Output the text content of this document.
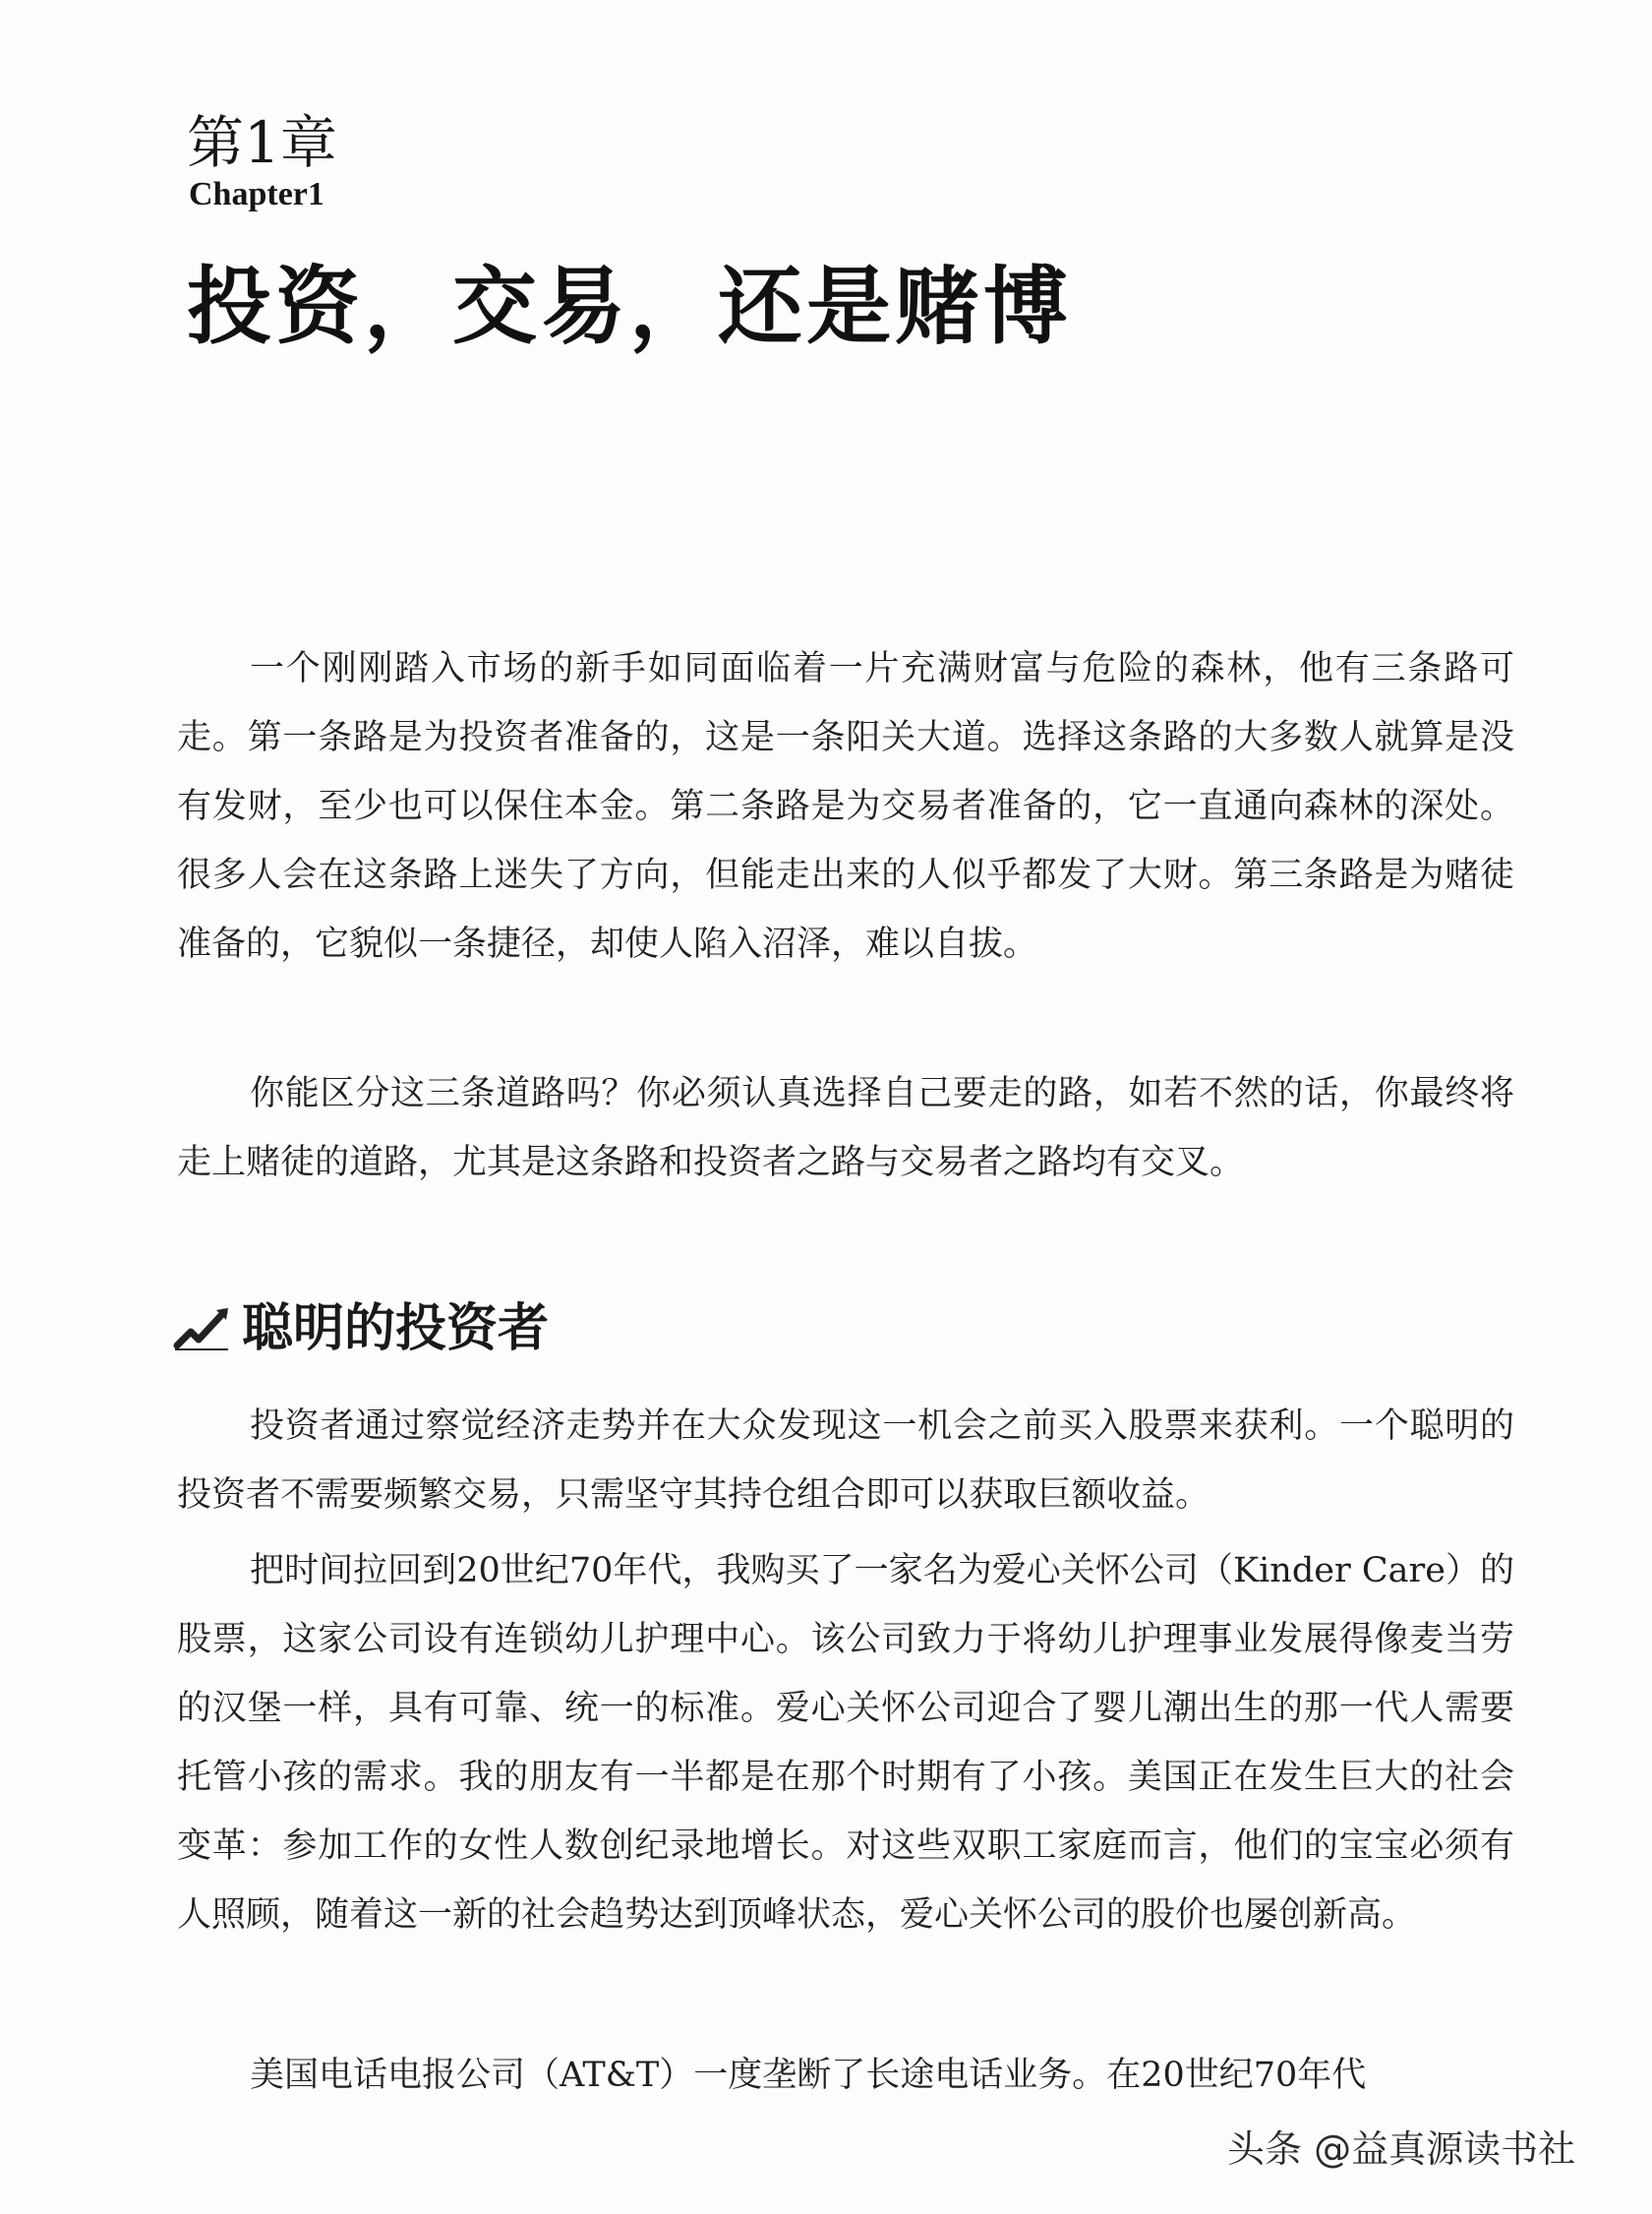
第1章
Chapter1
投资，交易，还是赌博

一个刚刚踏入市场的新手如同面临着一片充满财富与危险的森林，他有三条路可走。第一条路是为投资者准备的，这是一条阳关大道。选择这条路的大多数人就算是没有发财，至少也可以保住本金。第二条路是为交易者准备的，它一直通向森林的深处。很多人会在这条路上迷失了方向，但能走出来的人似乎都发了大财。第三条路是为赌徒准备的，它貌似一条捷径，却使人陷入沼泽，难以自拔。

你能区分这三条道路吗？你必须认真选择自己要走的路，如若不然的话，你最终将走上赌徒的道路，尤其是这条路和投资者之路与交易者之路均有交叉。

聪明的投资者

投资者通过察觉经济走势并在大众发现这一机会之前买入股票来获利。一个聪明的投资者不需要频繁交易，只需坚守其持仓组合即可以获取巨额收益。

把时间拉回到20世纪70年代，我购买了一家名为爱心关怀公司（Kinder Care）的股票，这家公司设有连锁幼儿护理中心。该公司致力于将幼儿护理事业发展得像麦当劳的汉堡一样，具有可靠、统一的标准。爱心关怀公司迎合了婴儿潮出生的那一代人需要托管小孩的需求。我的朋友有一半都是在那个时期有了小孩。美国正在发生巨大的社会变革：参加工作的女性人数创纪录地增长。对这些双职工家庭而言，他们的宝宝必须有人照顾，随着这一新的社会趋势达到顶峰状态，爱心关怀公司的股价也屡创新高。

美国电话电报公司（AT&T）一度垄断了长途电话业务。在20世纪70年代

头条 @益真源读书社
